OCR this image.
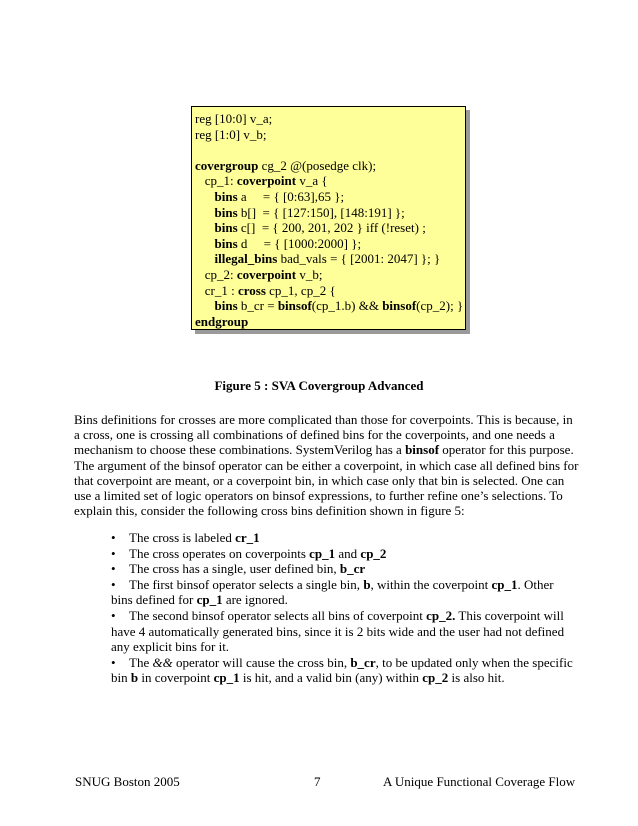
reg [10:0] v_a;
reg [1:0] v_b;
covergroup cg_2 @(posedge clk);
cp_1: coverpoint v_a {
bins a     = { [0:63],65 };
bins b[]  = { [127:150], [148:191] };
bins c[]  = { 200, 201, 202 } iff (!reset) ;
bins d     = { [1000:2000] };
illegal_bins bad_vals = { [2001: 2047] }; }
cp_2: coverpoint v_b;
cr_1 : cross cp_1, cp_2 {
bins b_cr = binsof(cp_1.b) && binsof(cp_2); }
endgroup
Figure 5 : SVA Covergroup Advanced

Bins definitions for crosses are more complicated than those for coverpoints. This is because, in
a cross, one is crossing all combinations of defined bins for the coverpoints, and one needs a
mechanism to choose these combinations. SystemVerilog has a binsof operator for this purpose.
The argument of the binsof operator can be either a coverpoint, in which case all defined bins for
that coverpoint are meant, or a coverpoint bin, in which case only that bin is selected. One can
use a limited set of logic operators on binsof expressions, to further refine one’s selections. To
explain this, consider the following cross bins definition shown in figure 5:

• The cross is labeled cr_1
• The cross operates on coverpoints cp_1 and cp_2
• The cross has a single, user defined bin, b_cr
• The first binsof operator selects a single bin, b, within the coverpoint cp_1. Other
bins defined for cp_1 are ignored.
• The second binsof operator selects all bins of coverpoint cp_2. This coverpoint will
have 4 automatically generated bins, since it is 2 bits wide and the user had not defined
any explicit bins for it.
• The && operator will cause the cross bin, b_cr, to be updated only when the specific
bin b in coverpoint cp_1 is hit, and a valid bin (any) within cp_2 is also hit.
SNUG Boston 2005	7	A Unique Functional Coverage Flow
